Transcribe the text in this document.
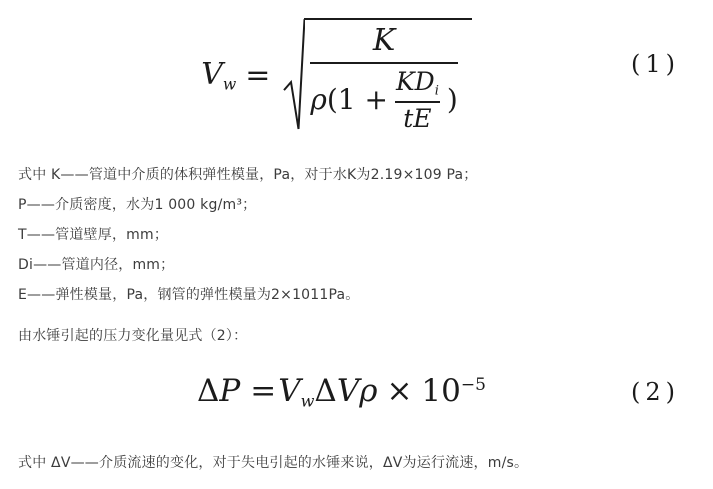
Vw =
K
ρ ($1 + \frac{\text{KDi}}{tE}$ )
(1)
式中 K——管道中介质的体积弹性模量，Pa，对于水K为2.19×109 Pa；
P——介质密度，水为1 000 kg/m³；
T——管道壁厚，mm；
Di——管道内径，mm；
E——弹性模量，Pa，钢管的弹性模量为2×1011Pa。
由水锤引起的压力变化量见式（2）：
ΔP = Vw $\Delta V\rho \times 10^{-5}$	(2)
式中 ΔV——介质流速的变化，对于失电引起的水锤来说，ΔV为运行流速，m/s。
